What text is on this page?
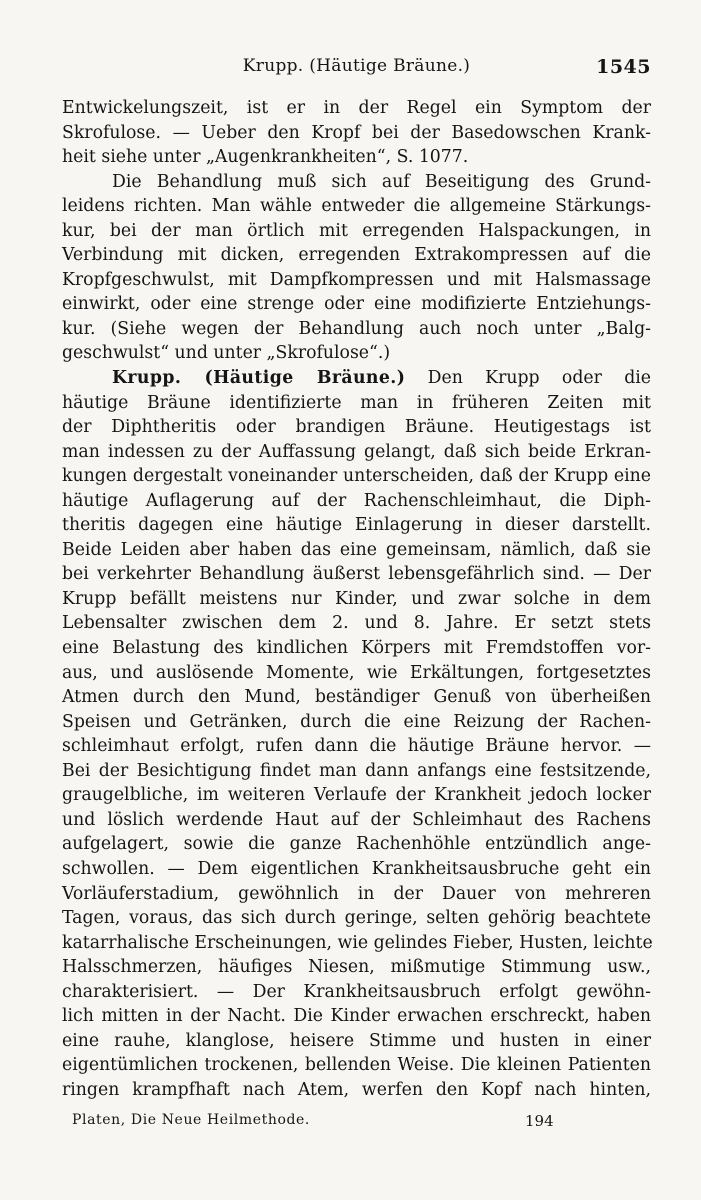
Krupp. (Häutige Bräune.)	1545
Entwickelungszeit, ist er in der Regel ein Symptom der
Skrofulose. — Ueber den Kropf bei der Basedowschen Krank-
heit siehe unter „Augenkrankheiten“, S. 1077.
Die Behandlung muß sich auf Beseitigung des Grund-
leidens richten. Man wähle entweder die allgemeine Stärkungs-
kur, bei der man örtlich mit erregenden Halspackungen, in
Verbindung mit dicken, erregenden Extrakompressen auf die
Kropfgeschwulst, mit Dampfkompressen und mit Halsmassage
einwirkt, oder eine strenge oder eine modifizierte Entziehungs-
kur. (Siehe wegen der Behandlung auch noch unter „Balg-
geschwulst“ und unter „Skrofulose“.)
Krupp. (Häutige Bräune.) Den Krupp oder die
häutige Bräune identifizierte man in früheren Zeiten mit
der Diphtheritis oder brandigen Bräune. Heutigestags ist
man indessen zu der Auffassung gelangt, daß sich beide Erkran-
kungen dergestalt voneinander unterscheiden, daß der Krupp eine
häutige Auflagerung auf der Rachenschleimhaut, die Diph-
theritis dagegen eine häutige Einlagerung in dieser darstellt.
Beide Leiden aber haben das eine gemeinsam, nämlich, daß sie
bei verkehrter Behandlung äußerst lebensgefährlich sind. — Der
Krupp befällt meistens nur Kinder, und zwar solche in dem
Lebensalter zwischen dem 2. und 8. Jahre. Er setzt stets
eine Belastung des kindlichen Körpers mit Fremdstoffen vor-
aus, und auslösende Momente, wie Erkältungen, fortgesetztes
Atmen durch den Mund, beständiger Genuß von überheißen
Speisen und Getränken, durch die eine Reizung der Rachen-
schleimhaut erfolgt, rufen dann die häutige Bräune hervor. —
Bei der Besichtigung findet man dann anfangs eine festsitzende,
graugelbliche, im weiteren Verlaufe der Krankheit jedoch locker
und löslich werdende Haut auf der Schleimhaut des Rachens
aufgelagert, sowie die ganze Rachenhöhle entzündlich ange-
schwollen. — Dem eigentlichen Krankheitsausbruche geht ein
Vorläuferstadium, gewöhnlich in der Dauer von mehreren
Tagen, voraus, das sich durch geringe, selten gehörig beachtete
katarrhalische Erscheinungen, wie gelindes Fieber, Husten, leichte
Halsschmerzen, häufiges Niesen, mißmutige Stimmung usw.,
charakterisiert. — Der Krankheitsausbruch erfolgt gewöhn-
lich mitten in der Nacht. Die Kinder erwachen erschreckt, haben
eine rauhe, klanglose, heisere Stimme und husten in einer
eigentümlichen trockenen, bellenden Weise. Die kleinen Patienten
ringen krampfhaft nach Atem, werfen den Kopf nach hinten,
Platen, Die Neue Heilmethode.	194
